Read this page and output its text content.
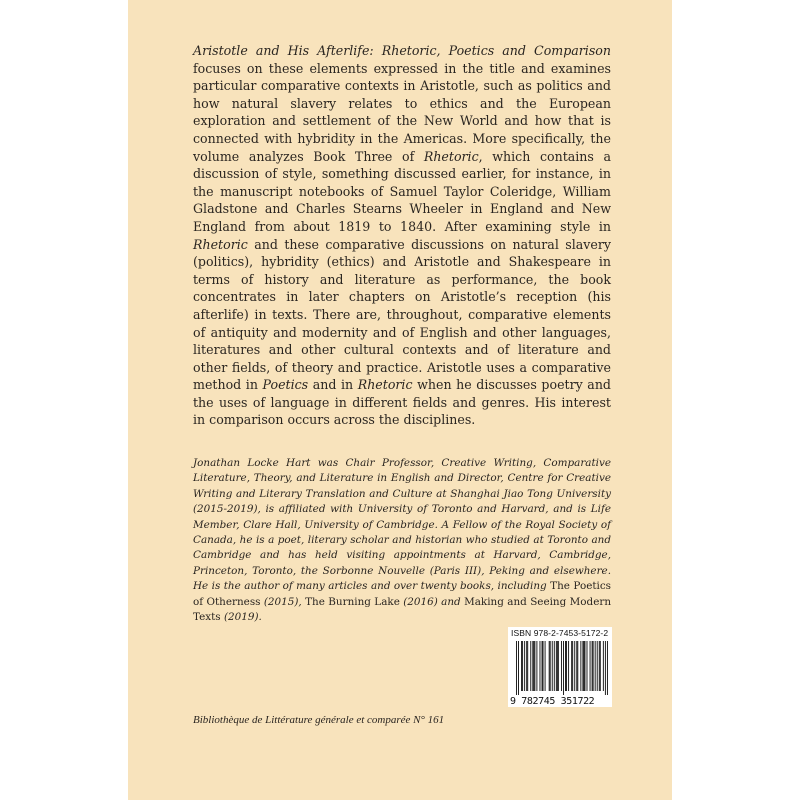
Aristotle and His Afterlife: Rhetoric, Poetics and Comparison focuses on these elements expressed in the title and examines particular comparative contexts in Aristotle, such as politics and how natural slavery relates to ethics and the European exploration and settlement of the New World and how that is connected with hybridity in the Americas. More specifically, the volume analyzes Book Three of Rhetoric, which contains a discussion of style, something discussed earlier, for instance, in the manuscript notebooks of Samuel Taylor Coleridge, William Gladstone and Charles Stearns Wheeler in England and New England from about 1819 to 1840. After examining style in Rhetoric and these comparative discussions on natural slavery (politics), hybridity (ethics) and Aristotle and Shakespeare in terms of history and literature as performance, the book concentrates in later chapters on Aristotle’s reception (his afterlife) in texts. There are, throughout, comparative elements of antiquity and modernity and of English and other languages, literatures and other cultural contexts and of literature and other fields, of theory and practice. Aristotle uses a comparative method in Poetics and in Rhetoric when he discusses poetry and the uses of language in different fields and genres. His interest in comparison occurs across the disciplines.

Jonathan Locke Hart was Chair Professor, Creative Writing, Comparative Literature, Theory, and Literature in English and Director, Centre for Creative Writing and Literary Translation and Culture at Shanghai Jiao Tong University (2015-2019), is affiliated with University of Toronto and Harvard, and is Life Member, Clare Hall, University of Cambridge. A Fellow of the Royal Society of Canada, he is a poet, literary scholar and historian who studied at Toronto and Cambridge and has held visiting appointments at Harvard, Cambridge, Princeton, Toronto, the Sorbonne Nouvelle (Paris III), Peking and elsewhere. He is the author of many articles and over twenty books, including The Poetics of Otherness (2015), The Burning Lake (2016) and Making and Seeing Modern Texts (2019).

Bibliothèque de Littérature générale et comparée N° 161
ISBN 978-2-7453-5172-2
9 782745 351722
